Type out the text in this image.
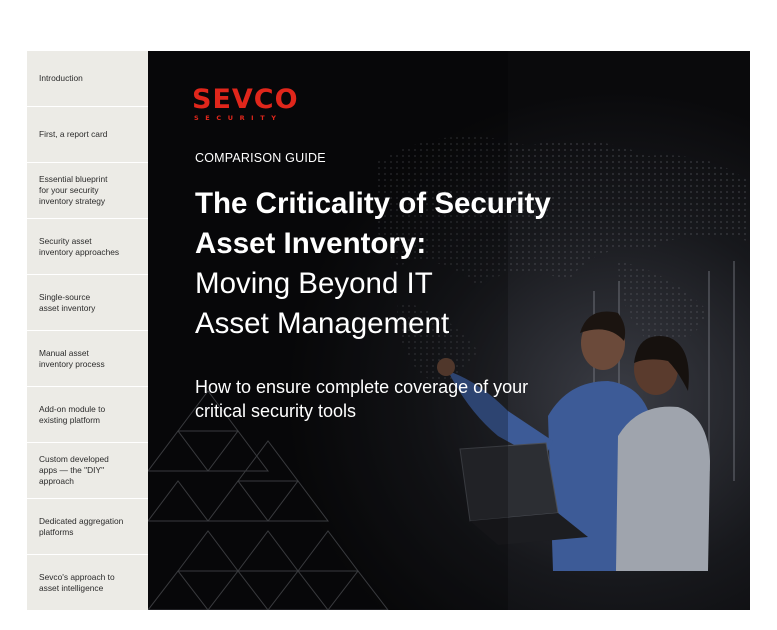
Introduction
First, a report card
Essential blueprint
for your security
inventory strategy
Security asset
inventory approaches
Single-source
asset inventory
Manual asset
inventory process
Add-on module to
existing platform
Custom developed
apps — the "DIY"
approach
Dedicated aggregation
platforms
Sevco's approach to
asset intelligence
SEVCO
SECURITY
COMPARISON GUIDE
The Criticality of Security
Asset Inventory:
Moving Beyond IT
Asset Management
How to ensure complete coverage of your critical security tools
